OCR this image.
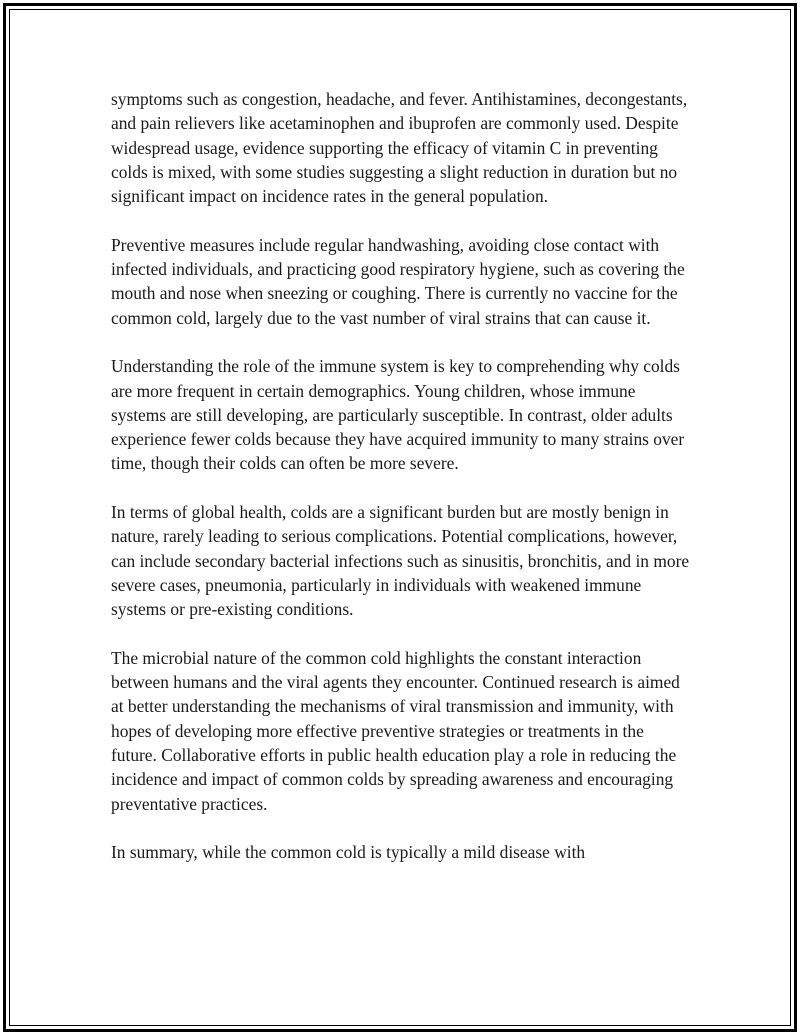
symptoms such as congestion, headache, and fever. Antihistamines, decongestants, and pain relievers like acetaminophen and ibuprofen are commonly used. Despite widespread usage, evidence supporting the efficacy of vitamin C in preventing colds is mixed, with some studies suggesting a slight reduction in duration but no significant impact on incidence rates in the general population.

Preventive measures include regular handwashing, avoiding close contact with infected individuals, and practicing good respiratory hygiene, such as covering the mouth and nose when sneezing or coughing. There is currently no vaccine for the common cold, largely due to the vast number of viral strains that can cause it.

Understanding the role of the immune system is key to comprehending why colds are more frequent in certain demographics. Young children, whose immune systems are still developing, are particularly susceptible. In contrast, older adults experience fewer colds because they have acquired immunity to many strains over time, though their colds can often be more severe.

In terms of global health, colds are a significant burden but are mostly benign in nature, rarely leading to serious complications. Potential complications, however, can include secondary bacterial infections such as sinusitis, bronchitis, and in more severe cases, pneumonia, particularly in individuals with weakened immune systems or pre-existing conditions.

The microbial nature of the common cold highlights the constant interaction between humans and the viral agents they encounter. Continued research is aimed at better understanding the mechanisms of viral transmission and immunity, with hopes of developing more effective preventive strategies or treatments in the future. Collaborative efforts in public health education play a role in reducing the incidence and impact of common colds by spreading awareness and encouraging preventative practices.

In summary, while the common cold is typically a mild disease with
